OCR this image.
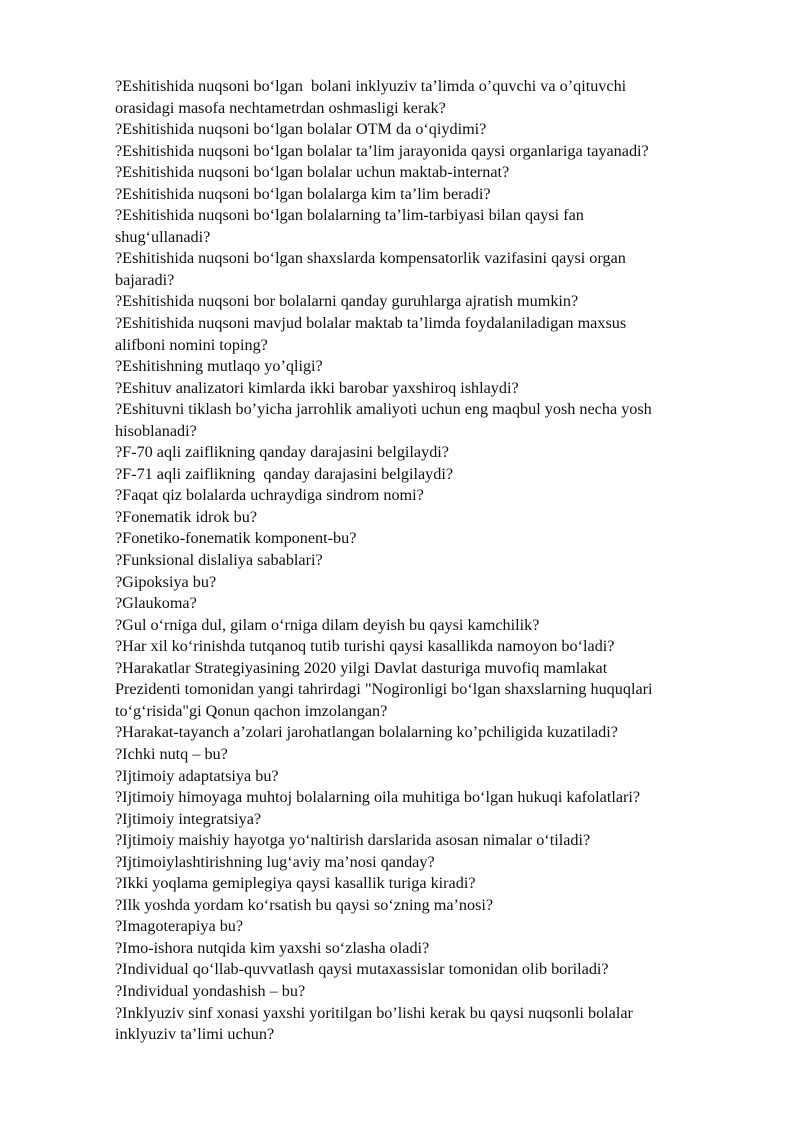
?Eshitishida nuqsoni bo‘lgan  bolani inklyuziv ta’limda o’quvchi va o’qituvchi
orasidagi masofa nechtametrdan oshmasligi kerak?
?Eshitishida nuqsoni bo‘lgan bolalar OTM da o‘qiydimi?
?Eshitishida nuqsoni bo‘lgan bolalar ta’lim jarayonida qaysi organlariga tayanadi?
?Eshitishida nuqsoni bo‘lgan bolalar uchun maktab-internat?
?Eshitishida nuqsoni bo‘lgan bolalarga kim ta’lim beradi?
?Eshitishida nuqsoni bo‘lgan bolalarning ta’lim-tarbiyasi bilan qaysi fan
shug‘ullanadi?
?Eshitishida nuqsoni bo‘lgan shaxslarda kompensatorlik vazifasini qaysi organ
bajaradi?
?Eshitishida nuqsoni bor bolalarni qanday guruhlarga ajratish mumkin?
?Eshitishida nuqsoni mavjud bolalar maktab ta’limda foydalaniladigan maxsus
alifboni nomini toping?
?Eshitishning mutlaqo yo’qligi?
?Eshituv analizatori kimlarda ikki barobar yaxshiroq ishlaydi?
?Eshituvni tiklash bo’yicha jarrohlik amaliyoti uchun eng maqbul yosh necha yosh
hisoblanadi?
?F-70 aqli zaiflikning qanday darajasini belgilaydi?
?F-71 aqli zaiflikning  qanday darajasini belgilaydi?
?Faqat qiz bolalarda uchraydiga sindrom nomi?
?Fonematik idrok bu?
?Fonetiko-fonematik komponent-bu?
?Funksional dislaliya sabablari?
?Gipoksiya bu?
?Glaukoma?
?Gul o‘rniga dul, gilam o‘rniga dilam deyish bu qaysi kamchilik?
?Har xil ko‘rinishda tutqanoq tutib turishi qaysi kasallikda namoyon bo‘ladi?
?Harakatlar Strategiyasining 2020 yilgi Davlat dasturiga muvofiq mamlakat
Prezidenti tomonidan yangi tahrirdagi "Nogironligi bo‘lgan shaxslarning huquqlari
to‘g‘risida"gi Qonun qachon imzolangan?
?Harakat-tayanch a’zolari jarohatlangan bolalarning ko’pchiligida kuzatiladi?
?Ichki nutq – bu?
?Ijtimoiy adaptatsiya bu?
?Ijtimoiy himoyaga muhtoj bolalarning oila muhitiga bo‘lgan hukuqi kafolatlari?
?Ijtimoiy integratsiya?
?Ijtimoiy maishiy hayotga yo‘naltirish darslarida asosan nimalar o‘tiladi?
?Ijtimoiylashtirishning lug‘aviy ma’nosi qanday?
?Ikki yoqlama gemiplegiya qaysi kasallik turiga kiradi?
?Ilk yoshda yordam ko‘rsatish bu qaysi so‘zning ma’nosi?
?Imagoterapiya bu?
?Imo-ishora nutqida kim yaxshi so‘zlasha oladi?
?Individual qo‘llab-quvvatlash qaysi mutaxassislar tomonidan olib boriladi?
?Individual yondashish – bu?
?Inklyuziv sinf xonasi yaxshi yoritilgan bo’lishi kerak bu qaysi nuqsonli bolalar
inklyuziv ta’limi uchun?
